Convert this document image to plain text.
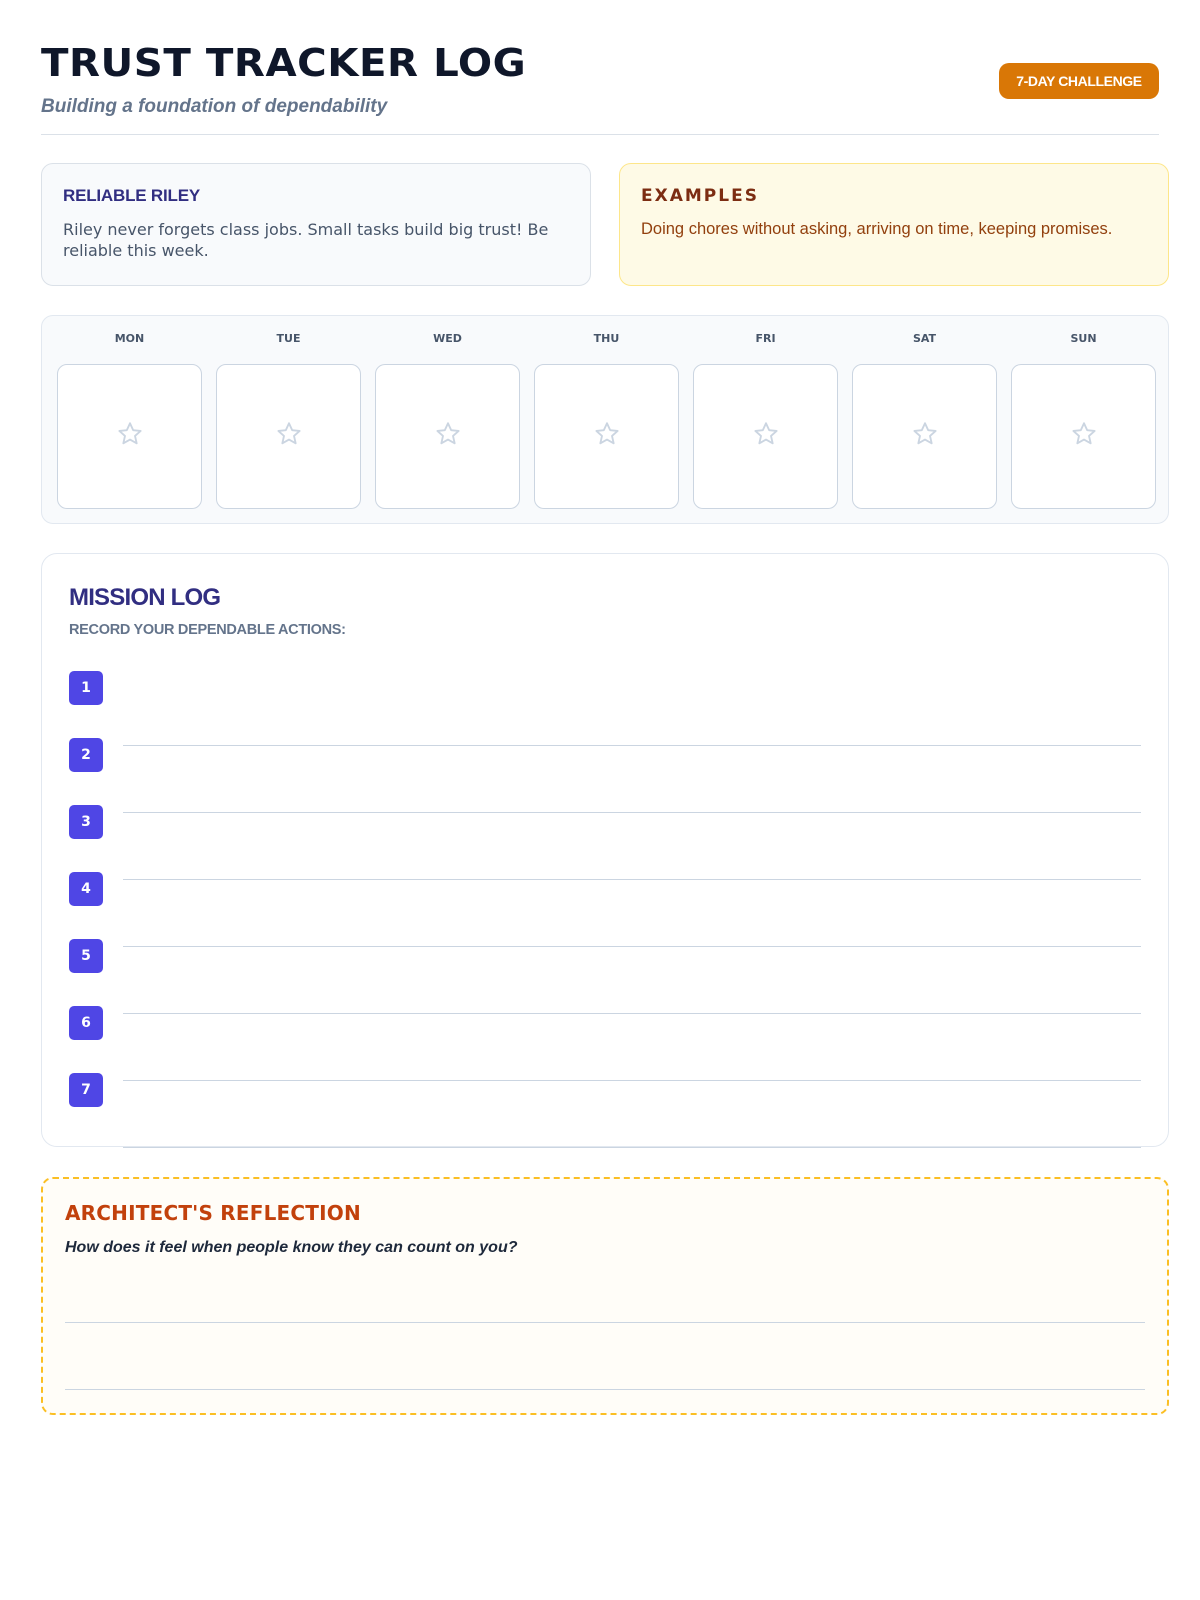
TRUST TRACKER LOG
Building a foundation of dependability
7-DAY CHALLENGE
RELIABLE RILEY
Riley never forgets class jobs. Small tasks build big trust! Be reliable this week.
EXAMPLES
Doing chores without asking, arriving on time, keeping promises.
MON	TUE	WED	THU	FRI	SAT	SUN
MISSION LOG
RECORD YOUR DEPENDABLE ACTIONS:
1
2
3
4
5
6
7
ARCHITECT'S REFLECTION
How does it feel when people know they can count on you?
